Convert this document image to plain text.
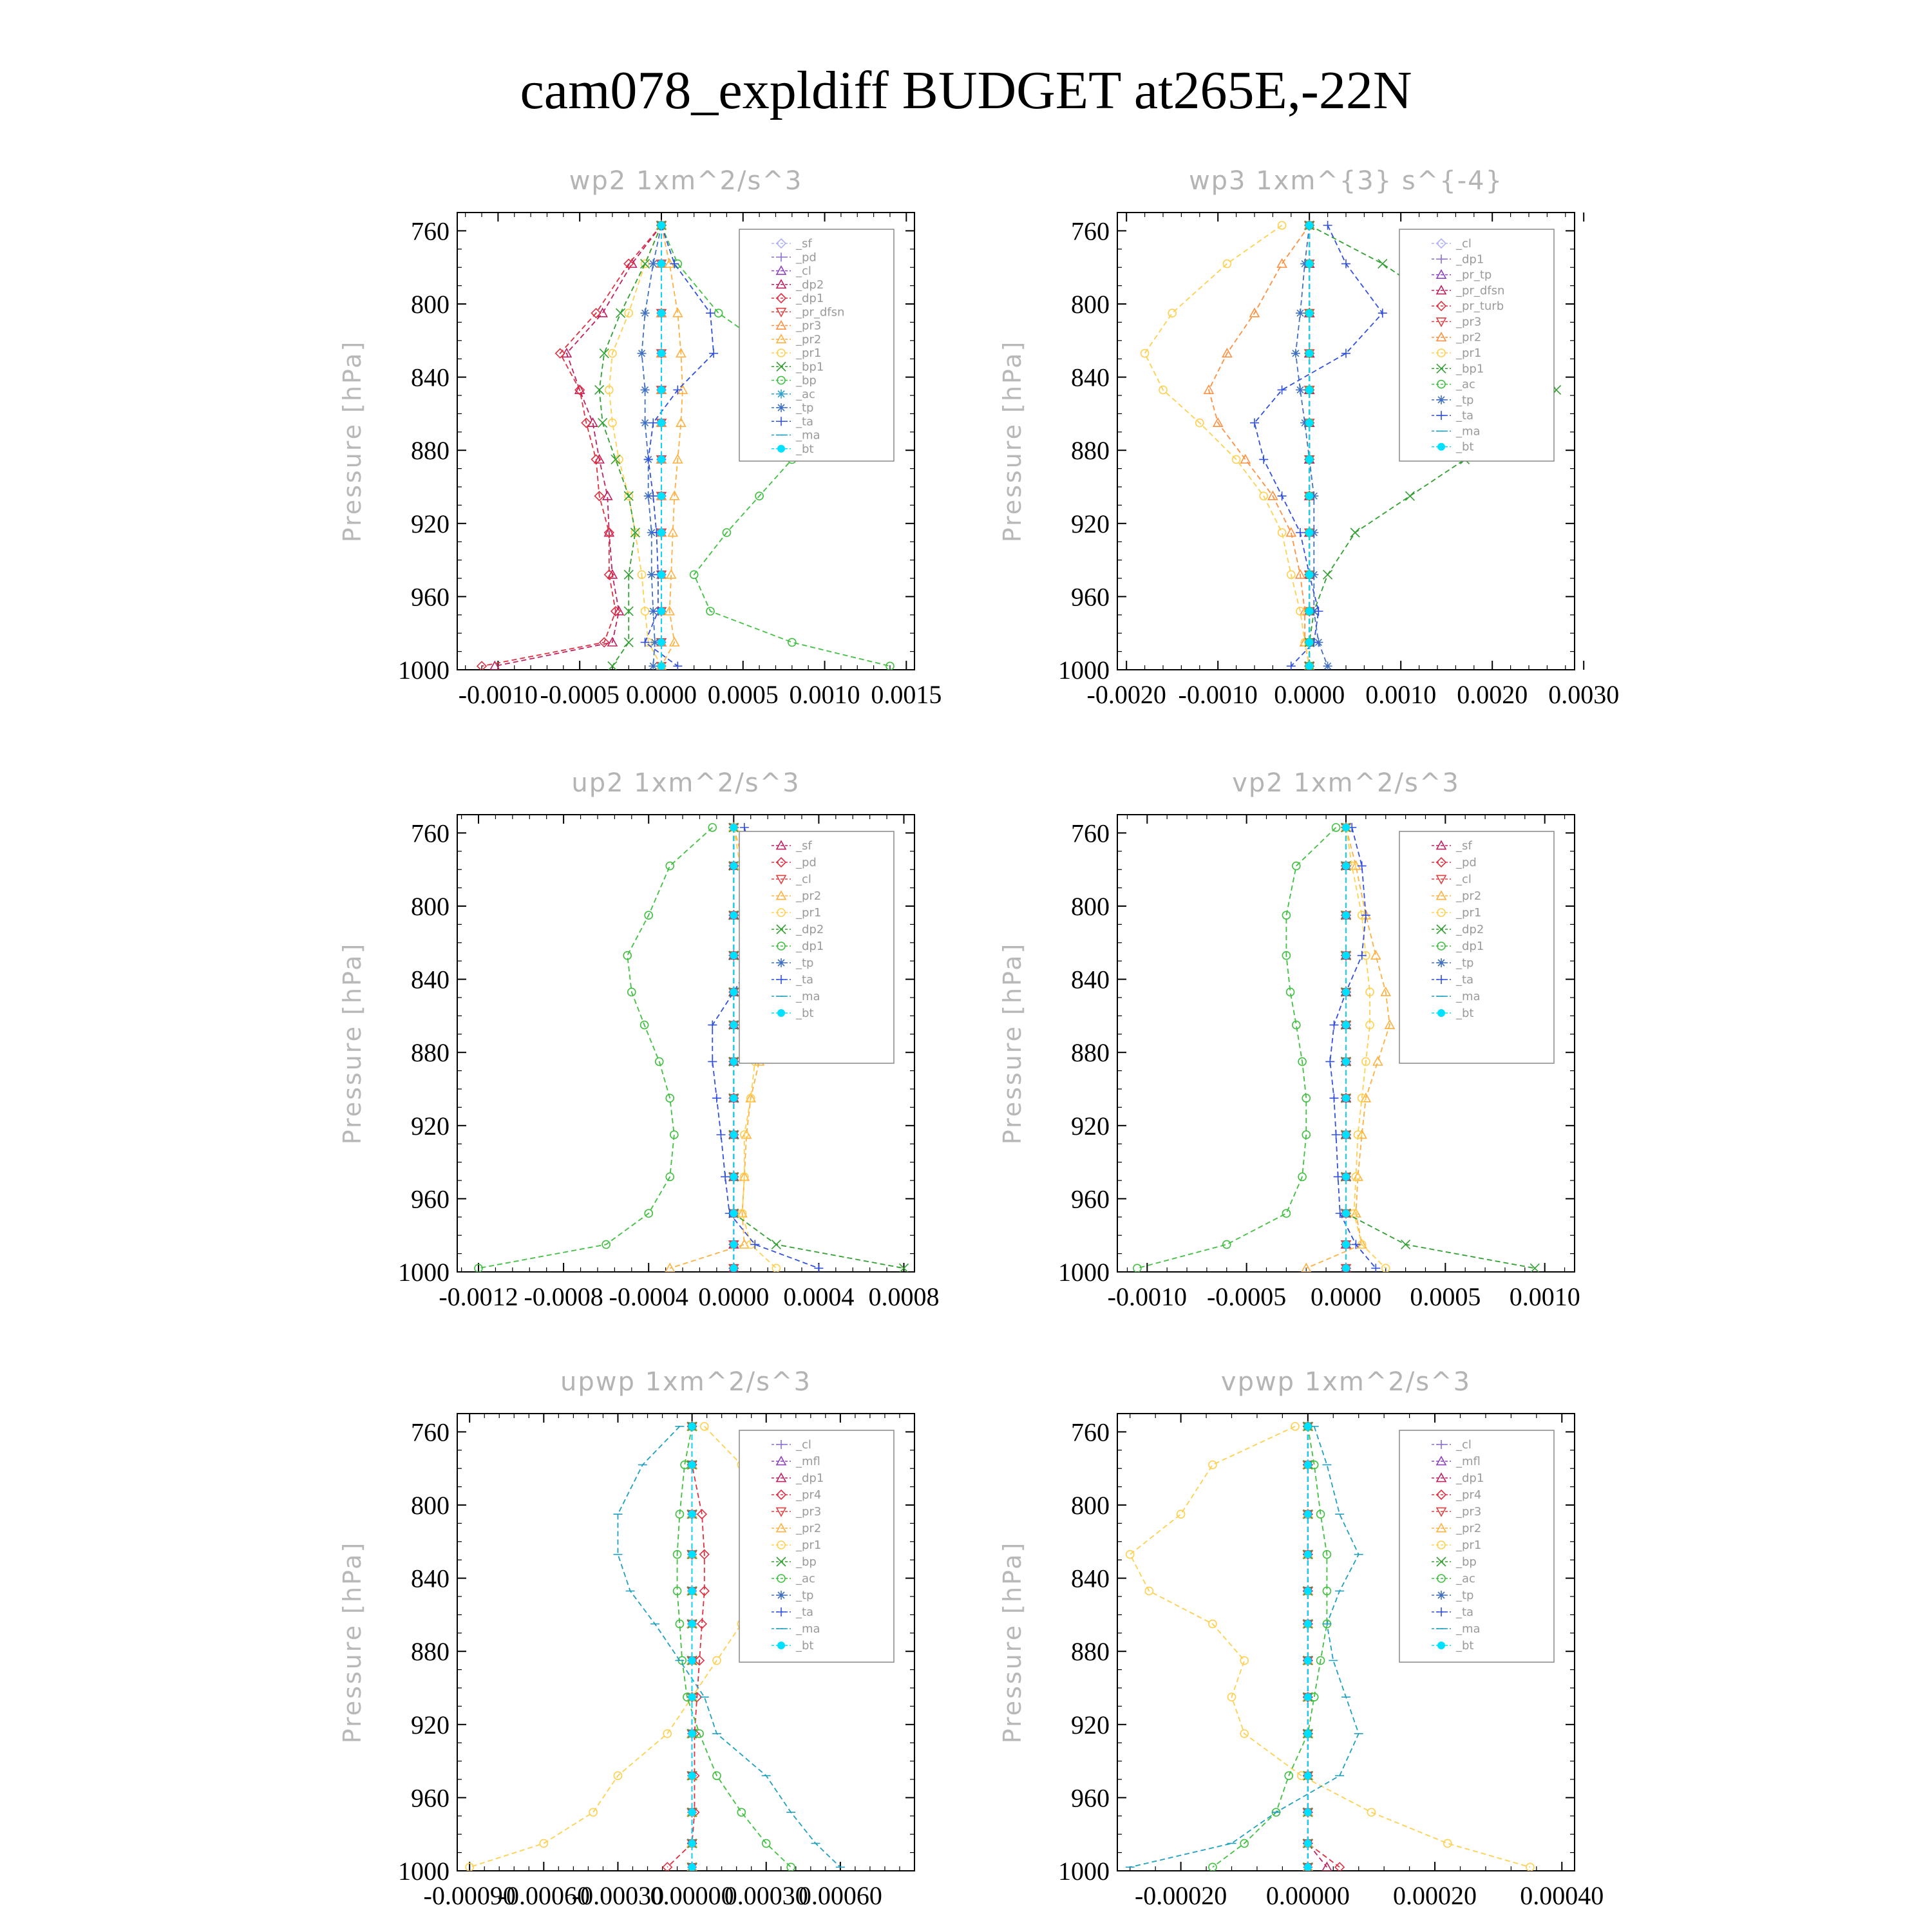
cam078_expldiff BUDGET at265E,-22N
wp2 1xm^2/s^3
Pressure [hPa]
760
800
840
880
920
960
1000
-0.0010 -0.0005 0.0000 0.0005 0.0010 0.0015
_sf
_pd
_cl
_dp2
_dp1
_pr_dfsn
_pr3
_pr2
_pr1
_bp1
_bp
_ac
_tp
_ta
_ma
_bt
wp3 1xm^{3} s^{-4}
Pressure [hPa]
760
800
840
880
920
960
1000
-0.0020 -0.0010 0.0000 0.0010 0.0020 0.0030
_cl
_dp1
_pr_tp
_pr_dfsn
_pr_turb
_pr3
_pr2
_pr1
_bp1
_ac
_tp
_ta
_ma
_bt
up2 1xm^2/s^3
Pressure [hPa]
760
800
840
880
920
960
1000
-0.0012 -0.0008 -0.0004 0.0000 0.0004 0.0008
_sf
_pd
_cl
_pr2
_pr1
_dp2
_dp1
_tp
_ta
_ma
_bt
vp2 1xm^2/s^3
Pressure [hPa]
760
800
840
880
920
960
1000
-0.0010 -0.0005 0.0000 0.0005 0.0010
_sf
_pd
_cl
_pr2
_pr1
_dp2
_dp1
_tp
_ta
_ma
_bt
upwp 1xm^2/s^3
Pressure [hPa]
760
800
840
880
920
960
1000
-0.00090
-0.00060
-0.00030
0.00000
0.00030
0.00060
_cl
_mfl
_dp1
_pr4
_pr3
_pr2
_pr1
_bp
_ac
_tp
_ta
_ma
_bt
vpwp 1xm^2/s^3
Pressure [hPa]
760
800
840
880
920
960
1000
-0.00020 0.00000 0.00020 0.00040
_cl
_mfl
_dp1
_pr4
_pr3
_pr2
_pr1
_bp
_ac
_tp
_ta
_ma
_bt
